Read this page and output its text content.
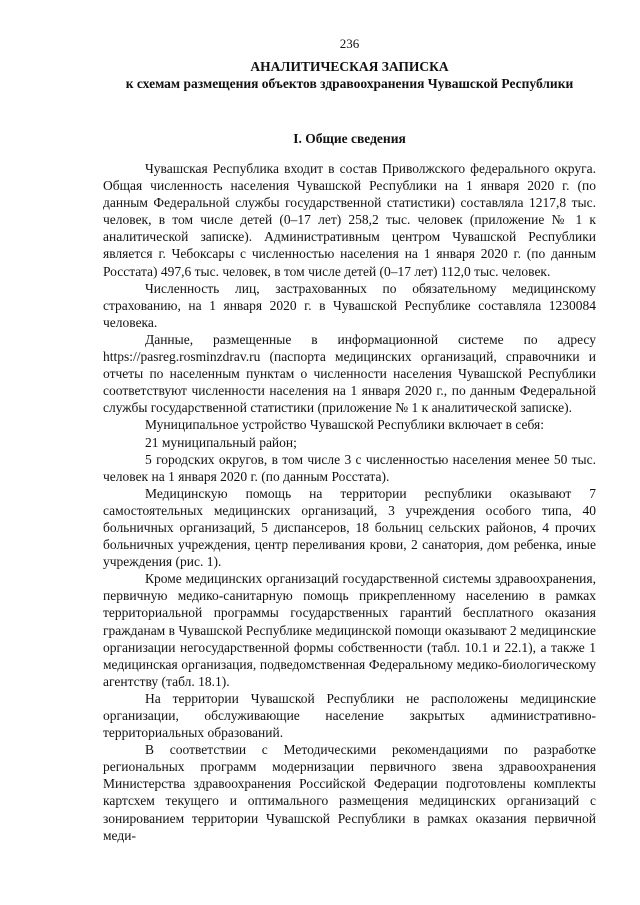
236
АНАЛИТИЧЕСКАЯ ЗАПИСКА
к схемам размещения объектов здравоохранения Чувашской Республики
I. Общие сведения

Чувашская Республика входит в состав Приволжского федерального округа. Общая численность населения Чувашской Республики на 1 января 2020 г. (по данным Федеральной службы государственной статистики) составляла 1217,8 тыс. человек, в том числе детей (0–17 лет) 258,2 тыс. человек (приложение № 1 к аналитической записке). Административным центром Чувашской Республики является г. Чебоксары с численностью населения на 1 января 2020 г. (по данным Росстата) 497,6 тыс. человек, в том числе детей (0–17 лет) 112,0 тыс. человек.

Численность лиц, застрахованных по обязательному медицинскому страхованию, на 1 января 2020 г. в Чувашской Республике составляла 1230084 человека.

Данные, размещенные в информационной системе по адресу https://pasreg.rosminzdrav.ru (паспорта медицинских организаций, справочники и отчеты по населенным пунктам о численности населения Чувашской Республики соответствуют численности населения на 1 января 2020 г., по данным Федеральной службы государственной статистики (приложение № 1 к аналитической записке).

Муниципальное устройство Чувашской Республики включает в себя:

21 муниципальный район;

5 городских округов, в том числе 3 с численностью населения менее 50 тыс. человек на 1 января 2020 г. (по данным Росстата).

Медицинскую помощь на территории республики оказывают 7 самостоятельных медицинских организаций, 3 учреждения особого типа, 40 больничных организаций, 5 диспансеров, 18 больниц сельских районов, 4 прочих больничных учреждения, центр переливания крови, 2 санатория, дом ребенка, иные учреждения (рис. 1).

Кроме медицинских организаций государственной системы здравоохранения, первичную медико-санитарную помощь прикрепленному населению в рамках территориальной программы государственных гарантий бесплатного оказания гражданам в Чувашской Республике медицинской помощи оказывают 2 медицинские организации негосударственной формы собственности (табл. 10.1 и 22.1), а также 1 медицинская организация, подведомственная Федеральному медико-биологическому агентству (табл. 18.1).

На территории Чувашской Республики не расположены медицинские организации, обслуживающие население закрытых административно-территориальных образований.

В соответствии с Методическими рекомендациями по разработке региональных программ модернизации первичного звена здравоохранения Министерства здравоохранения Российской Федерации подготовлены комплекты картсхем текущего и оптимального размещения медицинских организаций с зонированием территории Чувашской Республики в рамках оказания первичной меди-
